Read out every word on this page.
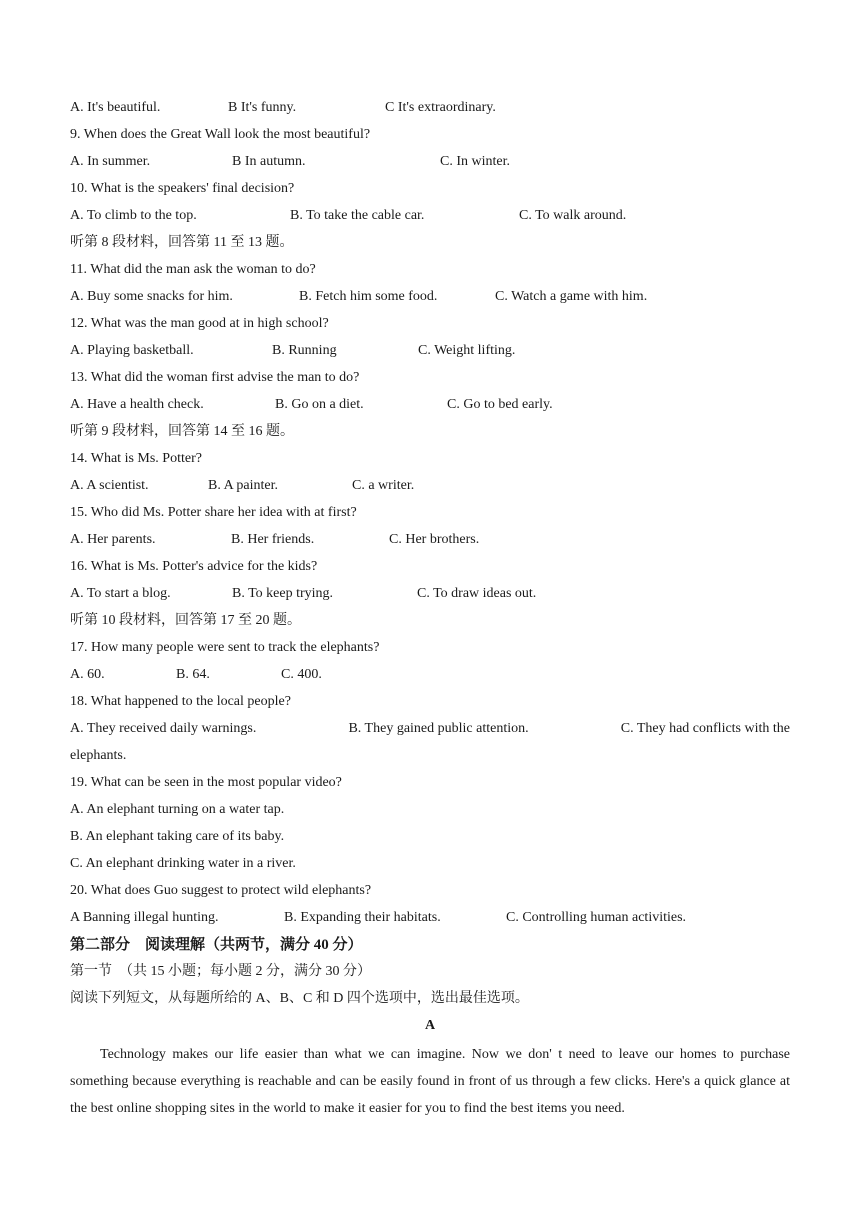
A. It's beautiful.	B It's funny.	C It's extraordinary.
9. When does the Great Wall look the most beautiful?
A. In summer.	B In autumn.	C. In winter.
10. What is the speakers' final decision?
A. To climb to the top.	B. To take the cable car.	C. To walk around.
听第 8 段材料，回答第 11 至 13 题。
11. What did the man ask the woman to do?
A. Buy some snacks for him.	B. Fetch him some food.	C. Watch a game with him.
12. What was the man good at in high school?
A. Playing basketball.	B. Running	C. Weight lifting.
13. What did the woman first advise the man to do?
A. Have a health check.	B. Go on a diet.	C. Go to bed early.
听第 9 段材料，回答第 14 至 16 题。
14. What is Ms. Potter?
A. A scientist.	B. A painter.	C. a writer.
15. Who did Ms. Potter share her idea with at first?
A. Her parents.	B. Her friends.	C. Her brothers.
16. What is Ms. Potter's advice for the kids?
A. To start a blog.	B. To keep trying.	C. To draw ideas out.
听第 10 段材料，回答第 17 至 20 题。
17. How many people were sent to track the elephants?
A. 60.	B. 64.	C. 400.
18. What happened to the local people?
A. They received daily warnings.	B. They gained public attention.	C. They had conflicts with the
elephants.
19. What can be seen in the most popular video?
A. An elephant turning on a water tap.
B. An elephant taking care of its baby.
C. An elephant drinking water in a river.
20. What does Guo suggest to protect wild elephants?
A Banning illegal hunting.	B. Expanding their habitats.	C. Controlling human activities.
第二部分　阅读理解（共两节，满分 40 分）
第一节　（共 15 小题；每小题 2 分，满分 30 分）
阅读下列短文，从每题所给的 A、B、C 和 D 四个选项中，选出最佳选项。
A
Technology makes our life easier than what we can imagine. Now we don' t need to leave our homes to purchase something because everything is reachable and can be easily found in front of us through a few clicks. Here's a quick glance at the best online shopping sites in the world to make it easier for you to find the best items you need.
